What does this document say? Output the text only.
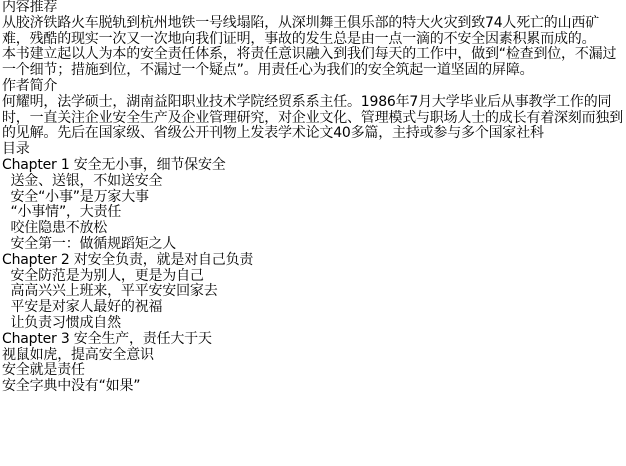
内容推荐
从胶济铁路火车脱轨到杭州地铁一号线塌陷，从深圳舞王俱乐部的特大火灾到致74人死亡的山西矿难，残酷的现实一次又一次地向我们证明，事故的发生总是由一点一滴的不安全因素积累而成的。
本书建立起以人为本的安全责任体系，将责任意识融入到我们每天的工作中，做到“检查到位，不漏过一个细节；措施到位，不漏过一个疑点”。用责任心为我们的安全筑起一道坚固的屏障。
作者简介
何耀明，法学硕士，湖南益阳职业技术学院经贸系系主任。1986年7月大学毕业后从事教学工作的同时，一直关注企业安全生产及企业管理研究，对企业文化、管理模式与职场人士的成长有着深刻而独到的见解。先后在国家级、省级公开刊物上发表学术论文40多篇，主持或参与多个国家社科
目录
Chapter 1 安全无小事，细节保安全
送金、送银，不如送安全
安全“小事”是万家大事
“小事情”，大责任
咬住隐患不放松
安全第一：做循规蹈矩之人
Chapter 2 对安全负责，就是对自己负责
安全防范是为别人，更是为自己
高高兴兴上班来，平平安安回家去
平安是对家人最好的祝福
让负责习惯成自然
Chapter 3 安全生产，责任大于天
视鼠如虎，提高安全意识
安全就是责任
安全字典中没有“如果”
